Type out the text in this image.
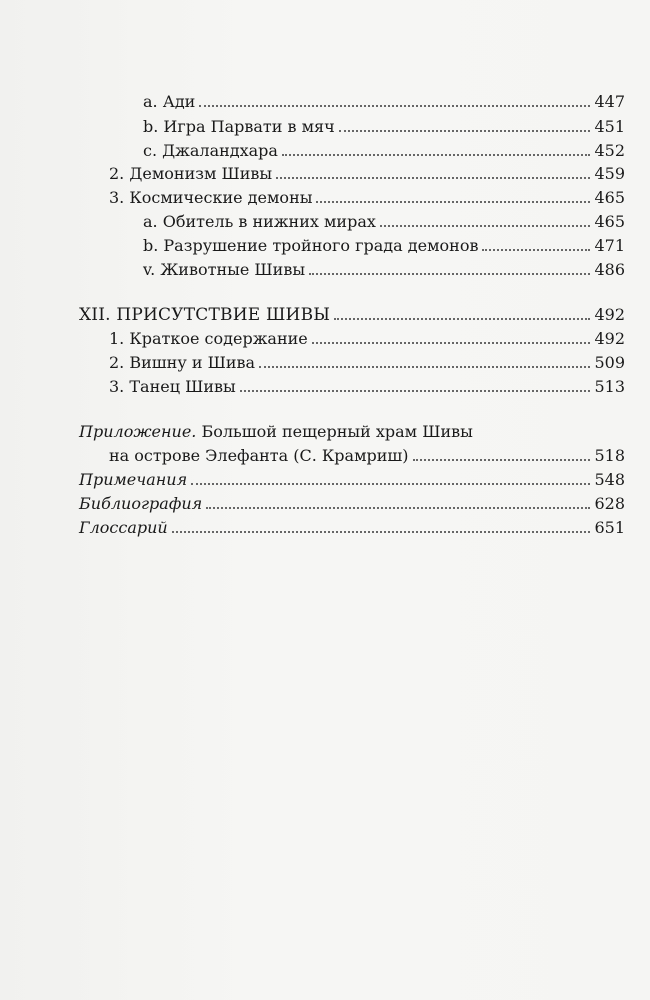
a. Ади	447
b. Игра Парвати в мяч	451
c. Джаландхара	452
2. Демонизм Шивы	459
3. Космические демоны	465
a. Обитель в нижних мирах	465
b. Разрушение тройного града демонов	471
v. Животные Шивы	486
XII. ПРИСУТСТВИЕ ШИВЫ	492
1. Краткое содержание	492
2. Вишну и Шива	509
3. Танец Шивы	513
Приложение. Большой пещерный храм Шивы
на острове Элефанта (С. Крамриш)	518
Примечания	548
Библиография	628
Глоссарий	651
